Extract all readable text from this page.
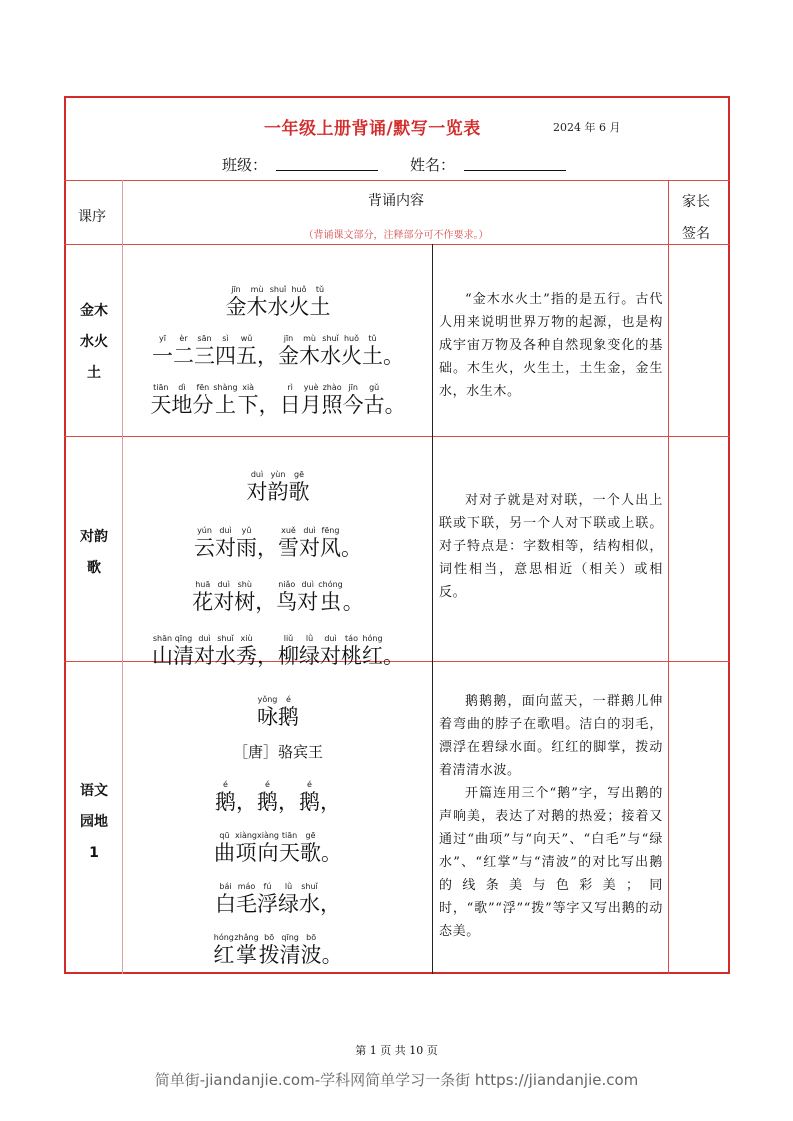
一年级上册背诵/默写一览表	2024 年 6 月
班级：	姓名：
课序
背诵内容
（背诵课文部分，注释部分可不作要求。）
家长
签名
金木
水火
土
jīn
金
mù
木
shuǐ
水
huǒ
火
tǔ
土
yī
一
èr
二
sān
三
sì
四
wǔ
五 ，
jīn
金
mù
木
shuǐ
水
huǒ
火
tǔ
土 。
tiān
天
dì
地
fēn
分
shàng
上
xià
下 ，
rì
日
yuè
月
zhào
照
jīn
今
gǔ
古 。

“金木水火土”指的是五行。古代人用来说明世界万物的起源，也是构成宇宙万物及各种自然现象变化的基础。木生火，火生土，土生金，金生水，水生木。

对韵
歌
duì
对
yùn
韵
gē
歌
yún
云
duì
对
yǔ
雨 ，
xuě
雪
duì
对
fēng
风 。
huā
花
duì
对
shù
树 ，
niǎo
鸟
duì
对
chóng
虫 。
shān
山
qīng
清
duì
对
shuǐ
水
xiù
秀 ，
liǔ
柳
lǜ
绿
duì
对
táo
桃
hóng
红 。

对对子就是对对联，一个人出上联或下联，另一个人对下联或上联。对子特点是：字数相等，结构相似，词性相当，意思相近（相关）或相反。

语文
园地
1
yǒng
咏
é
鹅
［唐］骆宾王
é
鹅 ，
é
鹅 ，
é
鹅 ，
qū
曲
xiàng
项
xiàng
向
tiān
天
gē
歌 。
bái
白
máo
毛
fú
浮
lǜ
绿
shuǐ
水 ，
hóng
红
zhǎng
掌
bō
拨
qīng
清
bō
波 。

鹅鹅鹅，面向蓝天，一群鹅儿伸着弯曲的脖子在歌唱。洁白的羽毛，漂浮在碧绿水面。红红的脚掌，拨动着清清水波。

开篇连用三个“鹅”字，写出鹅的声响美，表达了对鹅的热爱；接着又通过“曲项”与“向天”、“白毛”与“绿水”、“红掌”与“清波”的对比写出鹅的线条美与色彩美；同时，“歌”“浮”“拨”等字又写出鹅的动态美。

第 1 页 共 10 页
简单街-jiandanjie.com-学科网简单学习一条街 https://jiandanjie.com
